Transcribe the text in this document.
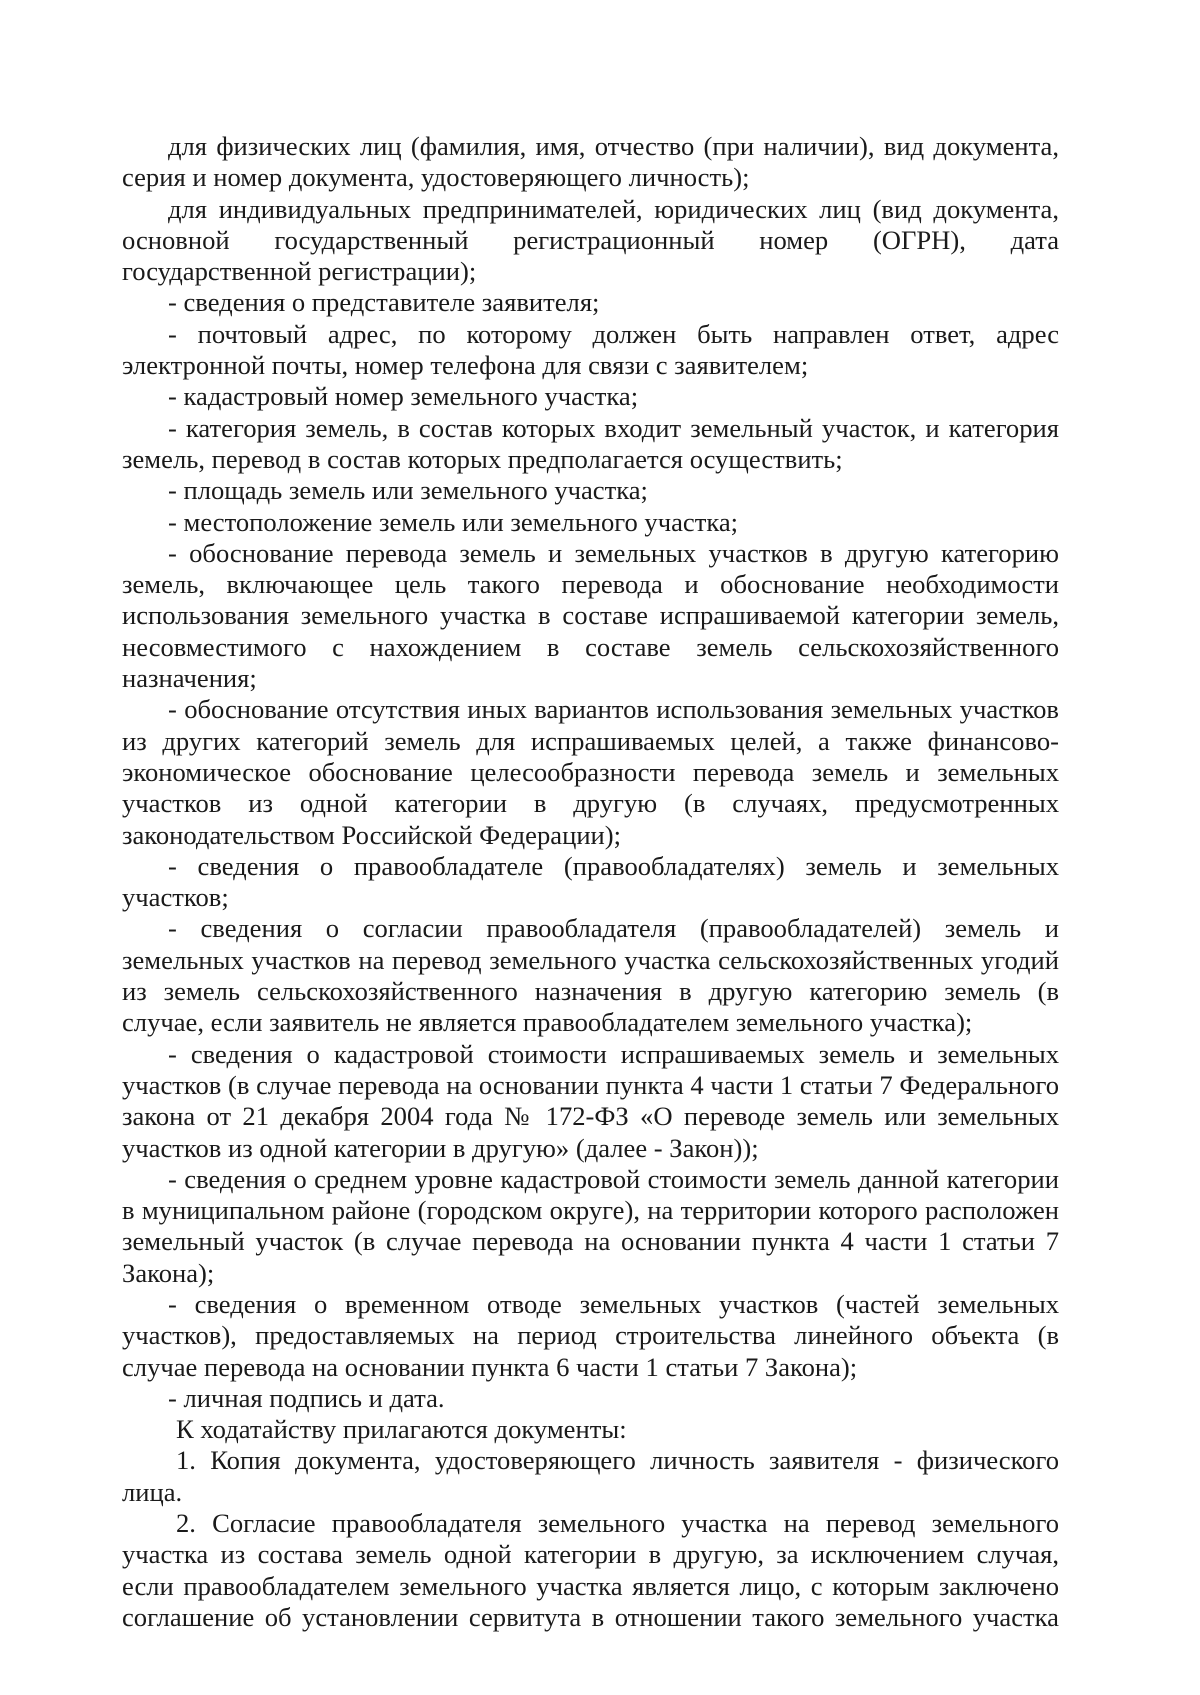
для физических лиц (фамилия, имя, отчество (при наличии), вид документа, серия и номер документа, удостоверяющего личность);

для индивидуальных предпринимателей, юридических лиц (вид документа, основной государственный регистрационный номер (ОГРН), дата государственной регистрации);

- сведения о представителе заявителя;

- почтовый адрес, по которому должен быть направлен ответ, адрес электронной почты, номер телефона для связи с заявителем;

- кадастровый номер земельного участка;

- категория земель, в состав которых входит земельный участок, и категория земель, перевод в состав которых предполагается осуществить;

- площадь земель или земельного участка;

- местоположение земель или земельного участка;

- обоснование перевода земель и земельных участков в другую категорию земель, включающее цель такого перевода и обоснование необходимости использования земельного участка в составе испрашиваемой категории земель, несовместимого с нахождением в составе земель сельскохозяйственного назначения;

- обоснование отсутствия иных вариантов использования земельных участков из других категорий земель для испрашиваемых целей, а также финансово-экономическое обоснование целесообразности перевода земель и земельных участков из одной категории в другую (в случаях, предусмотренных законодательством Российской Федерации);

- сведения о правообладателе (правообладателях) земель и земельных участков;

- сведения о согласии правообладателя (правообладателей) земель и земельных участков на перевод земельного участка сельскохозяйственных угодий из земель сельскохозяйственного назначения в другую категорию земель (в случае, если заявитель не является правообладателем земельного участка);

- сведения о кадастровой стоимости испрашиваемых земель и земельных участков (в случае перевода на основании пункта 4 части 1 статьи 7 Федерального закона от 21 декабря 2004 года № 172-ФЗ «О переводе земель или земельных участков из одной категории в другую» (далее - Закон));

- сведения о среднем уровне кадастровой стоимости земель данной категории в муниципальном районе (городском округе), на территории которого расположен земельный участок (в случае перевода на основании пункта 4 части 1 статьи 7 Закона);

- сведения о временном отводе земельных участков (частей земельных участков), предоставляемых на период строительства линейного объекта (в случае перевода на основании пункта 6 части 1 статьи 7 Закона);

- личная подпись и дата.

К ходатайству прилагаются документы:

1. Копия документа, удостоверяющего личность заявителя - физического лица.

2. Согласие правообладателя земельного участка на перевод земельного участка из состава земель одной категории в другую, за исключением случая, если правообладателем земельного участка является лицо, с которым заключено соглашение об установлении сервитута в отношении такого земельного участка
